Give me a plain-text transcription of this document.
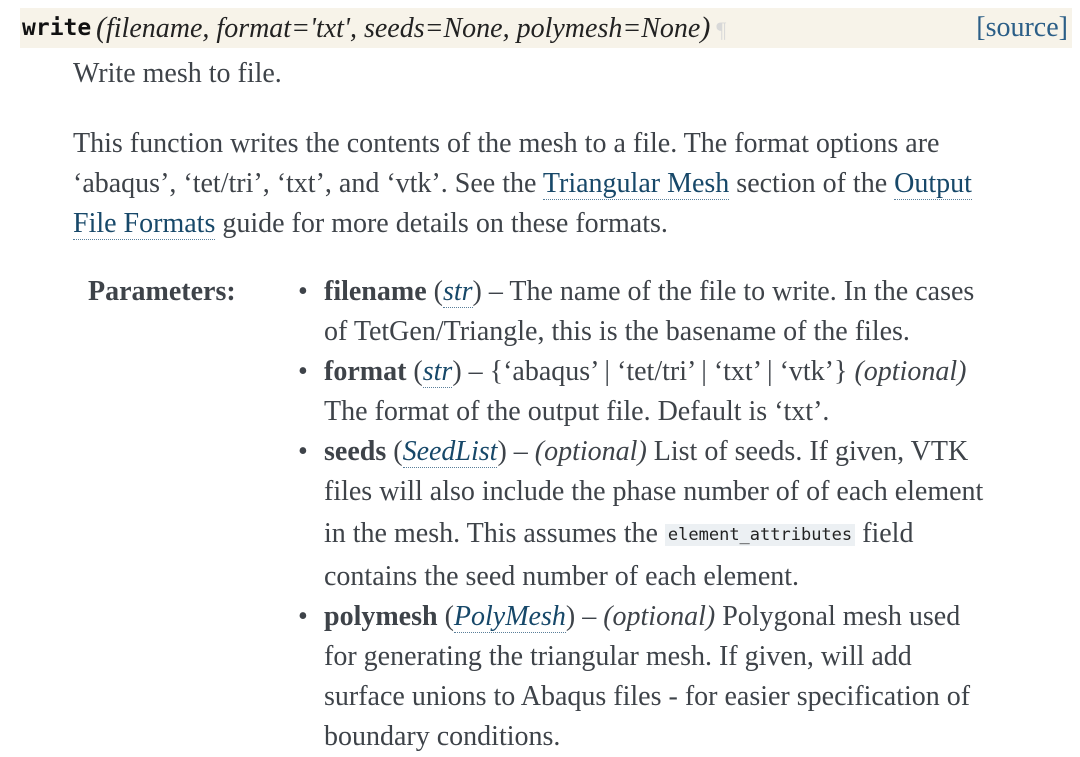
write (filename, format='txt', seeds=None, polymesh=None) ¶	[source]

Write mesh to file.

This function writes the contents of the mesh to a file. The format options are
‘abaqus’, ‘tet/tri’, ‘txt’, and ‘vtk’. See the Triangular Mesh section of the Output
File Formats guide for more details on these formats.

Parameters: • filename (str) – The name of the file to write. In the cases
of TetGen/Triangle, this is the basename of the files.
• format (str) – {‘abaqus’ | ‘tet/tri’ | ‘txt’ | ‘vtk’} (optional)
The format of the output file. Default is ‘txt’.
• seeds (SeedList) – (optional) List of seeds. If given, VTK
files will also include the phase number of of each element
in the mesh. This assumes the element_attributes field
contains the seed number of each element.
• polymesh (PolyMesh) – (optional) Polygonal mesh used
for generating the triangular mesh. If given, will add
surface unions to Abaqus files - for easier specification of
boundary conditions.
